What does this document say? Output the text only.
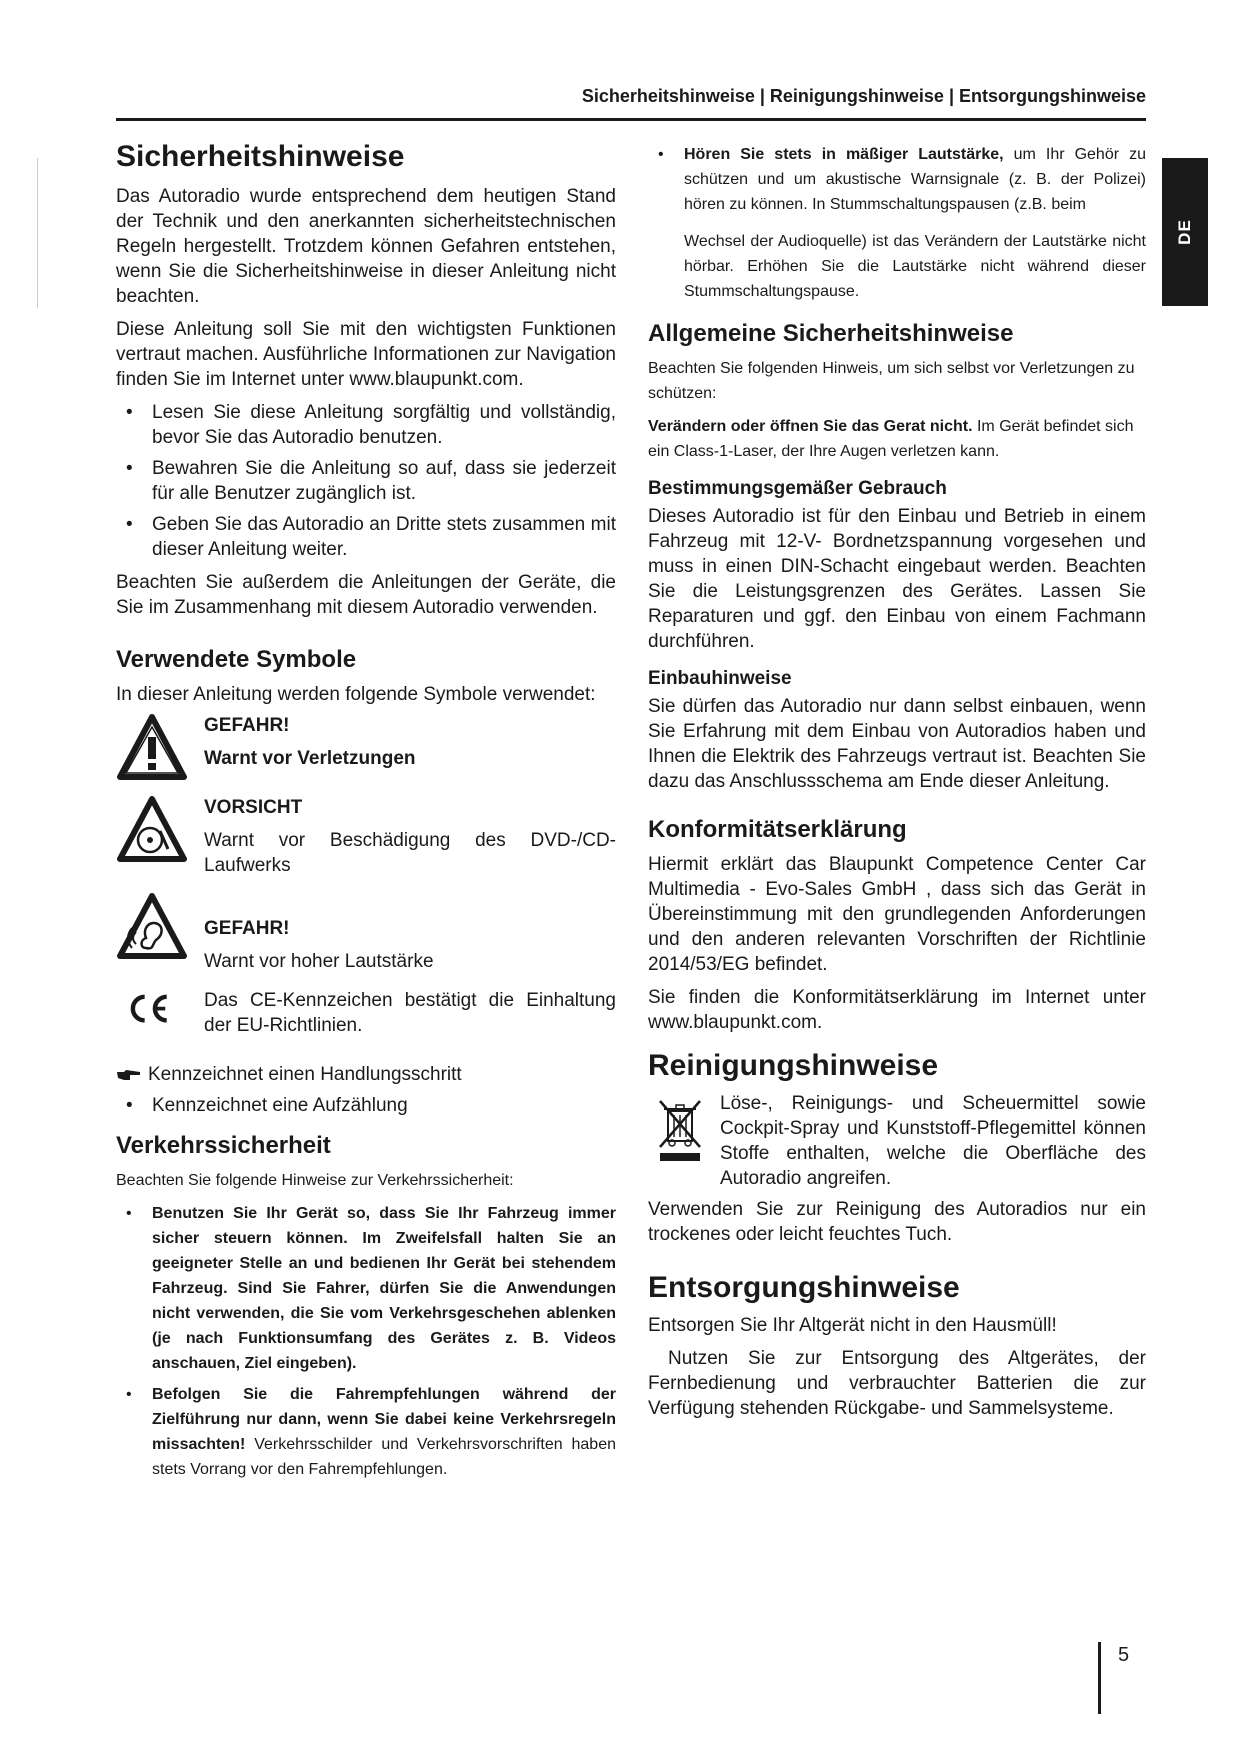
Sicherheitshinweise | Reinigungshinweise | Entsorgungshinweise
DE
Sicherheitshinweise

Das Autoradio wurde entsprechend dem heutigen Stand der Technik und den anerkannten sicherheitstechnischen Regeln hergestellt. Trotzdem können Gefahren entstehen, wenn Sie die Sicherheitshinweise in dieser Anleitung nicht beachten.

Diese Anleitung soll Sie mit den wichtigsten Funktionen vertraut machen. Ausführliche Informationen zur Navigation finden Sie im Internet unter www.blaupunkt.com.

• Lesen Sie diese Anleitung sorgfältig und vollständig, bevor Sie das Autoradio benutzen.
• Bewahren Sie die Anleitung so auf, dass sie jederzeit für alle Benutzer zugänglich ist.
• Geben Sie das Autoradio an Dritte stets zusammen mit dieser Anleitung weiter.

Beachten Sie außerdem die Anleitungen der Geräte, die Sie im Zusammenhang mit diesem Autoradio verwenden.

Verwendete Symbole

In dieser Anleitung werden folgende Symbole verwendet:

GEFAHR!
Warnt vor Verletzungen
VORSICHT
Warnt vor Beschädigung des DVD-/CD-Laufwerks
GEFAHR!
Warnt vor hoher Lautstärke
Das CE-Kennzeichen bestätigt die Einhaltung der EU-Richtlinien.
Kennzeichnet einen Handlungsschritt
• Kennzeichnet eine Aufzählung
Verkehrssicherheit

Beachten Sie folgende Hinweise zur Verkehrssicherheit:

• Benutzen Sie Ihr Gerät so, dass Sie Ihr Fahrzeug immer sicher steuern können. Im Zweifelsfall halten Sie an geeigneter Stelle an und bedienen Ihr Gerät bei stehendem Fahrzeug. Sind Sie Fahrer, dürfen Sie die Anwendungen nicht verwenden, die Sie vom Verkehrsgeschehen ablenken (je nach Funktionsumfang des Gerätes z. B. Videos anschauen, Ziel eingeben).
• Befolgen Sie die Fahrempfehlungen während der Zielführung nur dann, wenn Sie dabei keine Verkehrsregeln missachten! Verkehrsschilder und Verkehrsvorschriften haben stets Vorrang vor den Fahrempfehlungen.
• Hören Sie stets in mäßiger Lautstärke, um Ihr Gehör zu schützen und um akustische Warnsignale (z. B. der Polizei) hören zu können. In Stummschaltungspausen (z.B. beim
Wechsel der Audioquelle) ist das Verändern der Lautstärke nicht hörbar. Erhöhen Sie die Lautstärke nicht während dieser Stummschaltungspause.
Allgemeine Sicherheitshinweise

Beachten Sie folgenden Hinweis, um sich selbst vor Verletzungen zu schützen:

Verändern oder öffnen Sie das Gerat nicht. Im Gerät befindet sich ein Class-1-Laser, der Ihre Augen verletzen kann.

Bestimmungsgemäßer Gebrauch

Dieses Autoradio ist für den Einbau und Betrieb in einem Fahrzeug mit 12-V- Bordnetzspannung vorgesehen und muss in einen DIN-Schacht eingebaut werden. Beachten Sie die Leistungsgrenzen des Gerätes. Lassen Sie Reparaturen und ggf. den Einbau von einem Fachmann durchführen.

Einbauhinweise

Sie dürfen das Autoradio nur dann selbst einbauen, wenn Sie Erfahrung mit dem Einbau von Autoradios haben und Ihnen die Elektrik des Fahrzeugs vertraut ist. Beachten Sie dazu das Anschlussschema am Ende dieser Anleitung.

Konformitätserklärung

Hiermit erklärt das Blaupunkt Competence Center Car Multimedia - Evo-Sales GmbH , dass sich das Gerät in Übereinstimmung mit den grundlegenden Anforderungen und den anderen relevanten Vorschriften der Richtlinie 2014/53/EG befindet.

Sie finden die Konformitätserklärung im Internet unter www.blaupunkt.com.

Reinigungshinweise

Löse-, Reinigungs- und Scheuermittel sowie Cockpit-Spray und Kunststoff-Pflegemittel können Stoffe enthalten, welche die Oberfläche des Autoradio angreifen.

Verwenden Sie zur Reinigung des Autoradios nur ein trockenes oder leicht feuchtes Tuch.

Entsorgungshinweise

Entsorgen Sie Ihr Altgerät nicht in den Hausmüll!

Nutzen Sie zur Entsorgung des Altgerätes, der Fernbedienung und verbrauchter Batterien die zur Verfügung stehenden Rückgabe- und Sammelsysteme.

5
